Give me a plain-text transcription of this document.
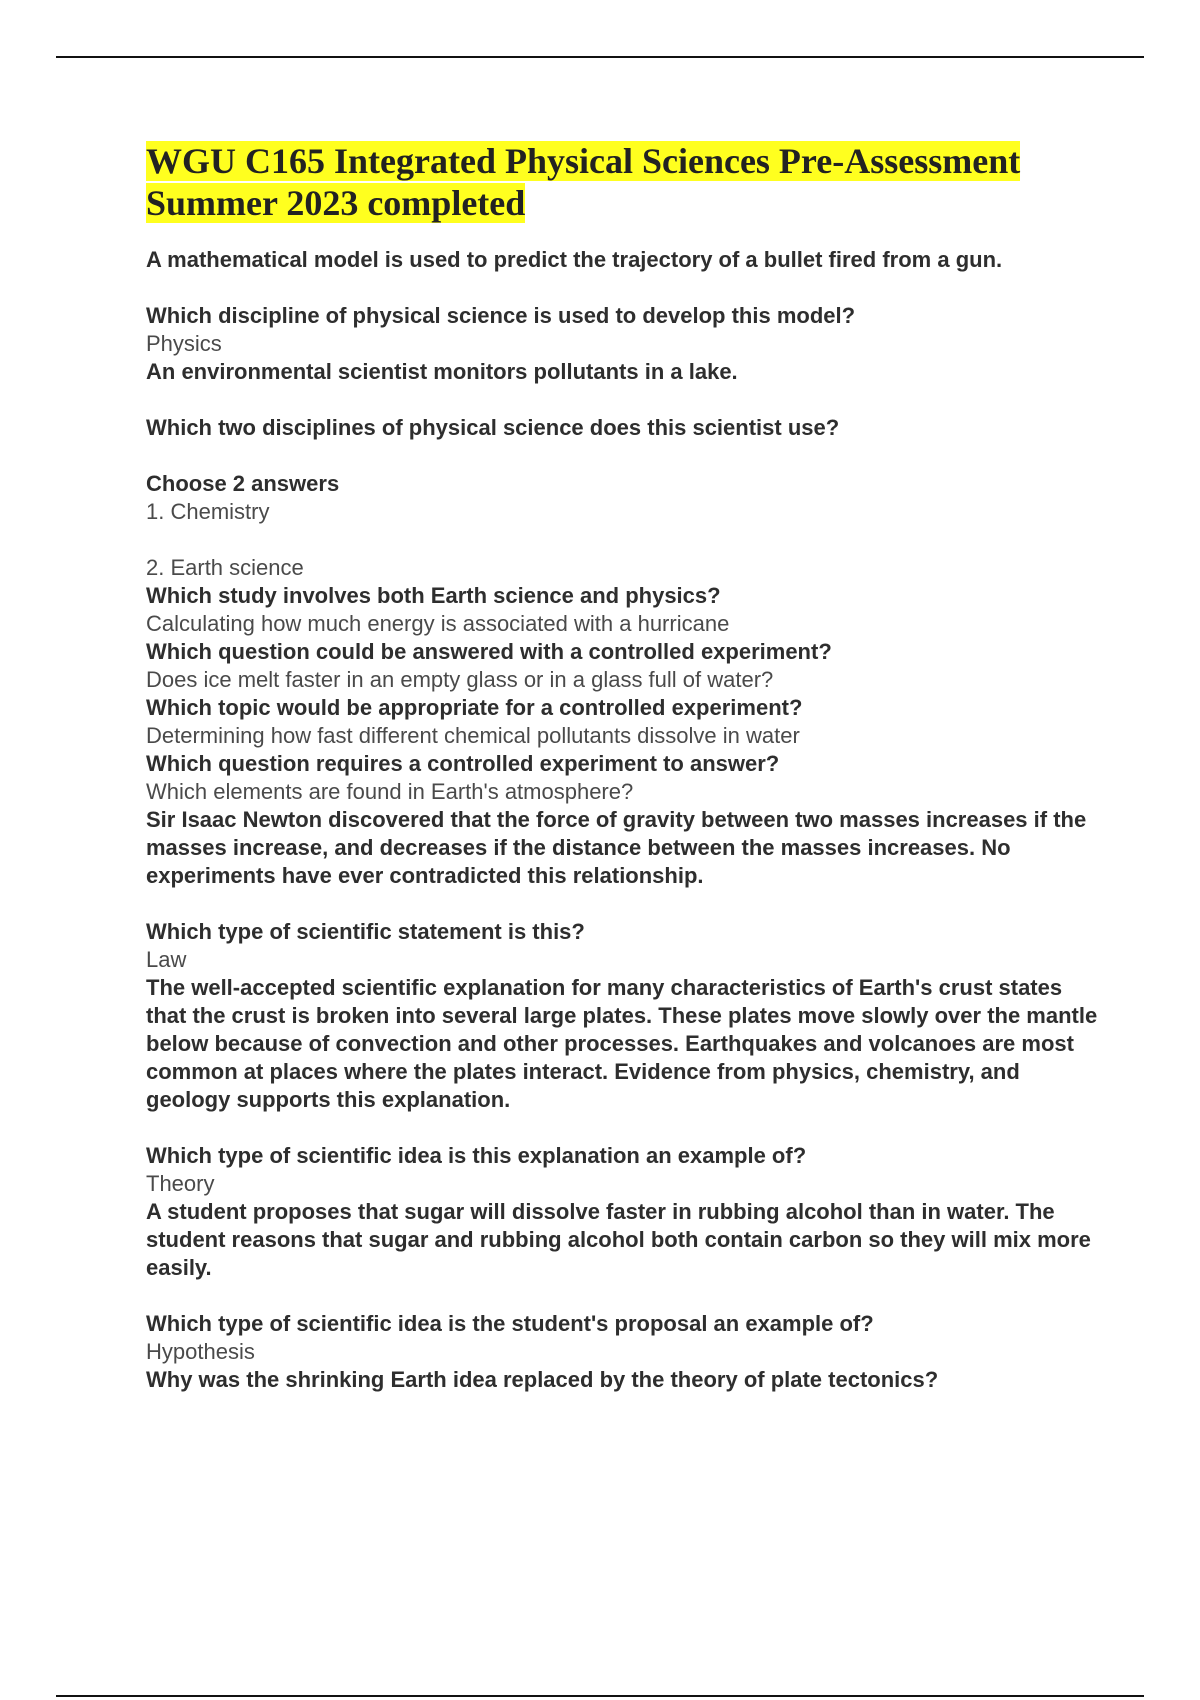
WGU C165 Integrated Physical Sciences Pre-Assessment Summer 2023 completed
A mathematical model is used to predict the trajectory of a bullet fired from a gun.
Which discipline of physical science is used to develop this model?
Physics
An environmental scientist monitors pollutants in a lake.
Which two disciplines of physical science does this scientist use?
Choose 2 answers
1. Chemistry
2. Earth science
Which study involves both Earth science and physics?
Calculating how much energy is associated with a hurricane
Which question could be answered with a controlled experiment?
Does ice melt faster in an empty glass or in a glass full of water?
Which topic would be appropriate for a controlled experiment?
Determining how fast different chemical pollutants dissolve in water
Which question requires a controlled experiment to answer?
Which elements are found in Earth's atmosphere?
Sir Isaac Newton discovered that the force of gravity between two masses increases if the masses increase, and decreases if the distance between the masses increases. No experiments have ever contradicted this relationship.
Which type of scientific statement is this?
Law
The well-accepted scientific explanation for many characteristics of Earth's crust states that the crust is broken into several large plates. These plates move slowly over the mantle below because of convection and other processes. Earthquakes and volcanoes are most common at places where the plates interact. Evidence from physics, chemistry, and geology supports this explanation.
Which type of scientific idea is this explanation an example of?
Theory
A student proposes that sugar will dissolve faster in rubbing alcohol than in water. The student reasons that sugar and rubbing alcohol both contain carbon so they will mix more easily.
Which type of scientific idea is the student's proposal an example of?
Hypothesis
Why was the shrinking Earth idea replaced by the theory of plate tectonics?
